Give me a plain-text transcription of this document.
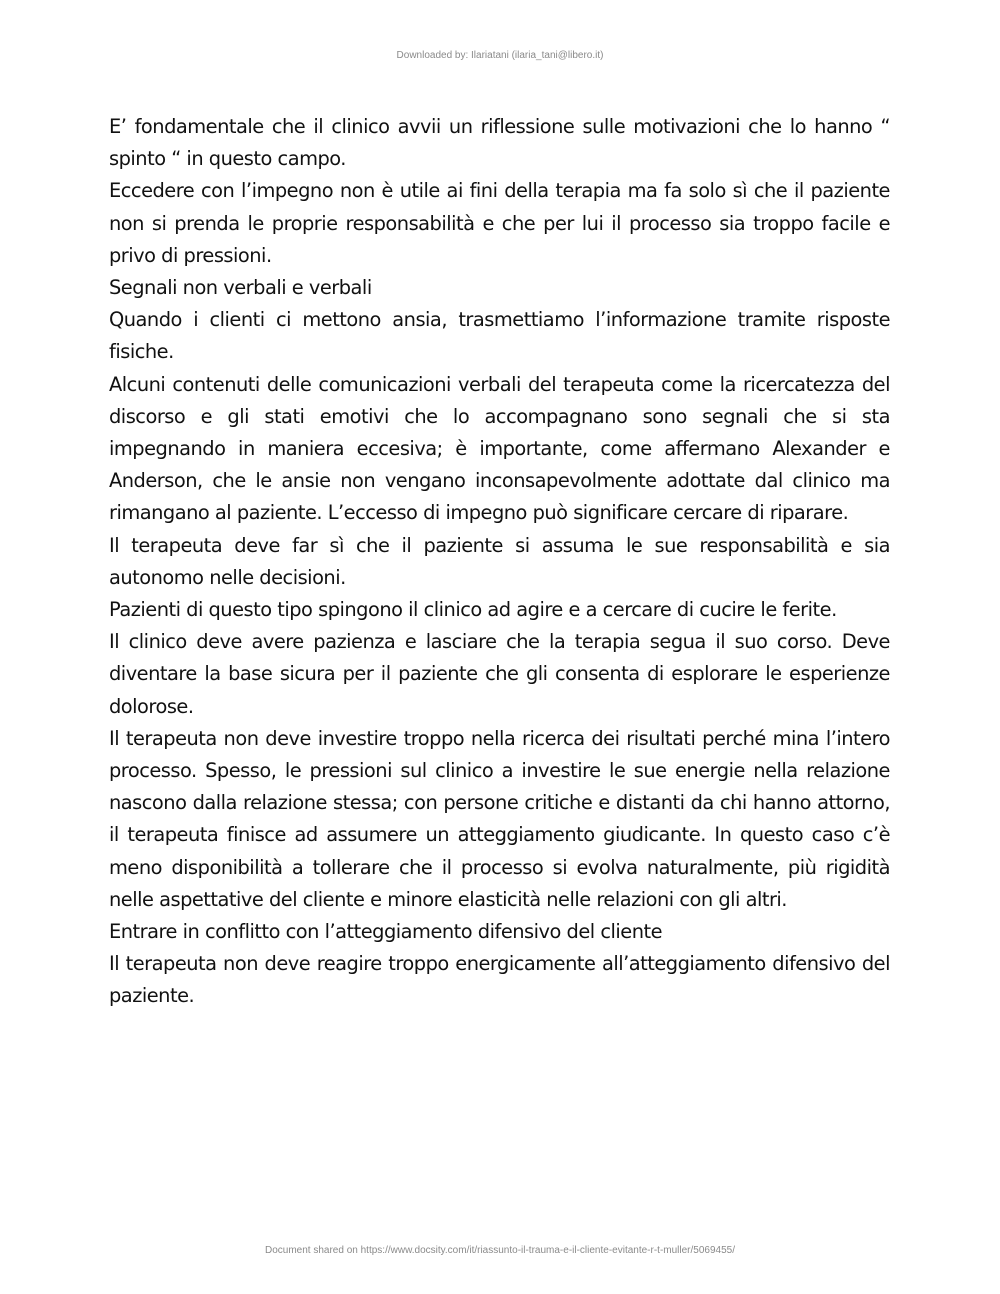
Downloaded by: Ilariatani (ilaria_tani@libero.it)

E’ fondamentale che il clinico avvii un riflessione sulle motivazioni che lo hanno “ spinto “ in questo campo.

Eccedere con l’impegno non è utile ai fini della terapia ma fa solo sì che il paziente non si prenda le proprie responsabilità e che per lui il processo sia troppo facile e privo di pressioni.

Segnali non verbali e verbali

Quando i clienti ci mettono ansia, trasmettiamo l’informazione tramite risposte fisiche.

Alcuni contenuti delle comunicazioni verbali del terapeuta come la ricercatezza del discorso e gli stati emotivi che lo accompagnano sono segnali che si sta impegnando in maniera eccesiva; è importante, come affermano Alexander e Anderson, che le ansie non vengano inconsapevolmente adottate dal clinico ma rimangano al paziente. L’eccesso di impegno può significare cercare di riparare.

Il terapeuta deve far sì che il paziente si assuma le sue responsabilità e sia autonomo nelle decisioni.

Pazienti di questo tipo spingono il clinico ad agire e a cercare di cucire le ferite.

Il clinico deve avere pazienza e lasciare che la terapia segua il suo corso. Deve diventare la base sicura per il paziente che gli consenta di esplorare le esperienze dolorose.

Il terapeuta non deve investire troppo nella ricerca dei risultati perché mina l’intero processo. Spesso, le pressioni sul clinico a investire le sue energie nella relazione nascono dalla relazione stessa; con persone critiche e distanti da chi hanno attorno, il terapeuta finisce ad assumere un atteggiamento giudicante. In questo caso c’è meno disponibilità a tollerare che il processo si evolva naturalmente, più rigidità nelle aspettative del cliente e minore elasticità nelle relazioni con gli altri.

Entrare in conflitto con l’atteggiamento difensivo del cliente

Il terapeuta non deve reagire troppo energicamente all’atteggiamento difensivo del paziente.

Document shared on https://www.docsity.com/it/riassunto-il-trauma-e-il-cliente-evitante-r-t-muller/5069455/
